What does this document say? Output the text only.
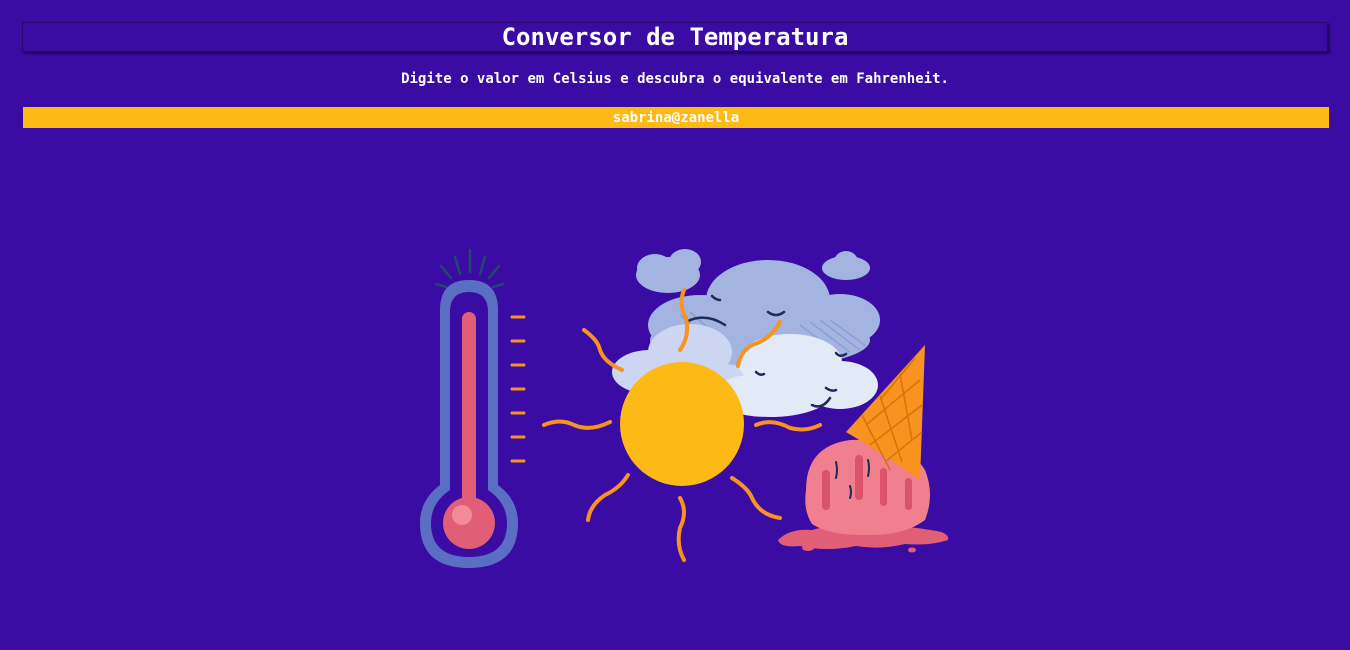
Conversor de Temperatura
Digite o valor em Celsius e descubra o equivalente em Fahrenheit.
sabrina@zanella
